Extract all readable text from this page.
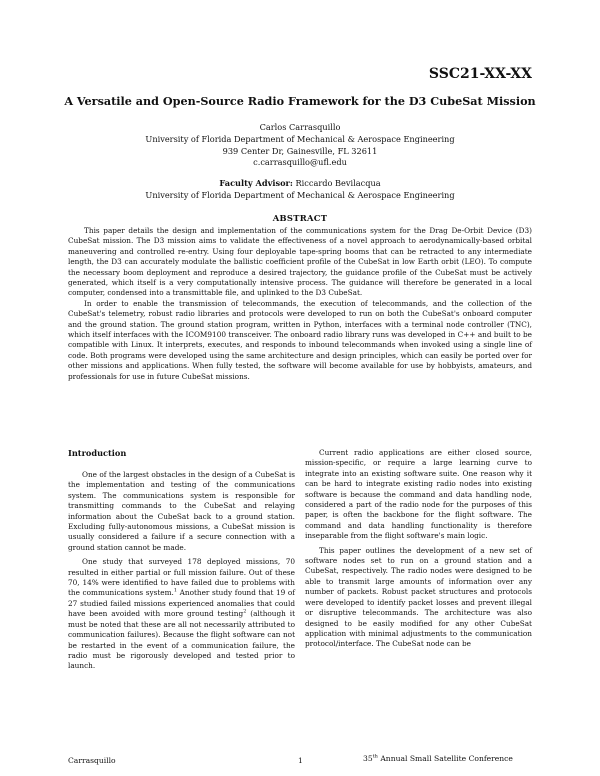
SSC21-XX-XX
A Versatile and Open-Source Radio Framework for the D3 CubeSat Mission
Carlos Carrasquillo
University of Florida Department of Mechanical & Aerospace Engineering
939 Center Dr, Gainesville, FL 32611
c.carrasquillo@ufl.edu
Faculty Advisor: Riccardo Bevilacqua
University of Florida Department of Mechanical & Aerospace Engineering
ABSTRACT

This paper details the design and implementation of the communications system for the Drag De-Orbit Device (D3) CubeSat mission. The D3 mission aims to validate the effectiveness of a novel approach to aerodynamically-based orbital maneuvering and controlled re-entry. Using four deployable tape-spring booms that can be retracted to any intermediate length, the D3 can accurately modulate the ballistic coefficient profile of the CubeSat in low Earth orbit (LEO). To compute the necessary boom deployment and reproduce a desired trajectory, the guidance profile of the CubeSat must be actively generated, which itself is a very computationally intensive process. The guidance will therefore be generated in a local computer, condensed into a transmittable file, and uplinked to the D3 CubeSat.

In order to enable the transmission of telecommands, the execution of telecommands, and the collection of the CubeSat's telemetry, robust radio libraries and protocols were developed to run on both the CubeSat's onboard computer and the ground station. The ground station program, written in Python, interfaces with a terminal node controller (TNC), which itself interfaces with the ICOM9100 transceiver. The onboard radio library runs was developed in C++ and built to be compatible with Linux. It interprets, executes, and responds to inbound telecommands when invoked using a single line of code. Both programs were developed using the same architecture and design principles, which can easily be ported over for other missions and applications. When fully tested, the software will become available for use by hobbyists, amateurs, and professionals for use in future CubeSat missions.

Introduction

One of the largest obstacles in the design of a CubeSat is the implementation and testing of the communications system. The communications system is responsible for transmitting commands to the CubeSat and relaying information about the CubeSat back to a ground station. Excluding fully-autonomous missions, a CubeSat mission is usually considered a failure if a secure connection with a ground station cannot be made.

One study that surveyed 178 deployed missions, 70 resulted in either partial or full mission failure. Out of these 70, 14% were identified to have failed due to problems with the communications system.$^1$ Another study found that 19 of 27 studied failed missions experienced anomalies that could have been avoided with more ground testing$^2$ (although it must be noted that these are all not necessarily attributed to communication failures). Because the flight software can not be restarted in the event of a communication failure, the radio must be rigorously developed and tested prior to launch.

Current radio applications are either closed source, mission-specific, or require a large learning curve to integrate into an existing software suite. One reason why it can be hard to integrate existing radio nodes into existing software is because the command and data handling node, considered a part of the radio node for the purposes of this paper, is often the backbone for the flight software. The command and data handling functionality is therefore inseparable from the flight software's main logic.

This paper outlines the development of a new set of software nodes set to run on a ground station and a CubeSat, respectively. The radio nodes were designed to be able to transmit large amounts of information over any number of packets. Robust packet structures and protocols were developed to identify packet losses and prevent illegal or disruptive telecommands. The architecture was also designed to be easily modified for any other CubeSat application with minimal adjustments to the communication protocol/interface. The CubeSat node can be

Carrasquillo	1	35th Annual Small Satellite Conference
